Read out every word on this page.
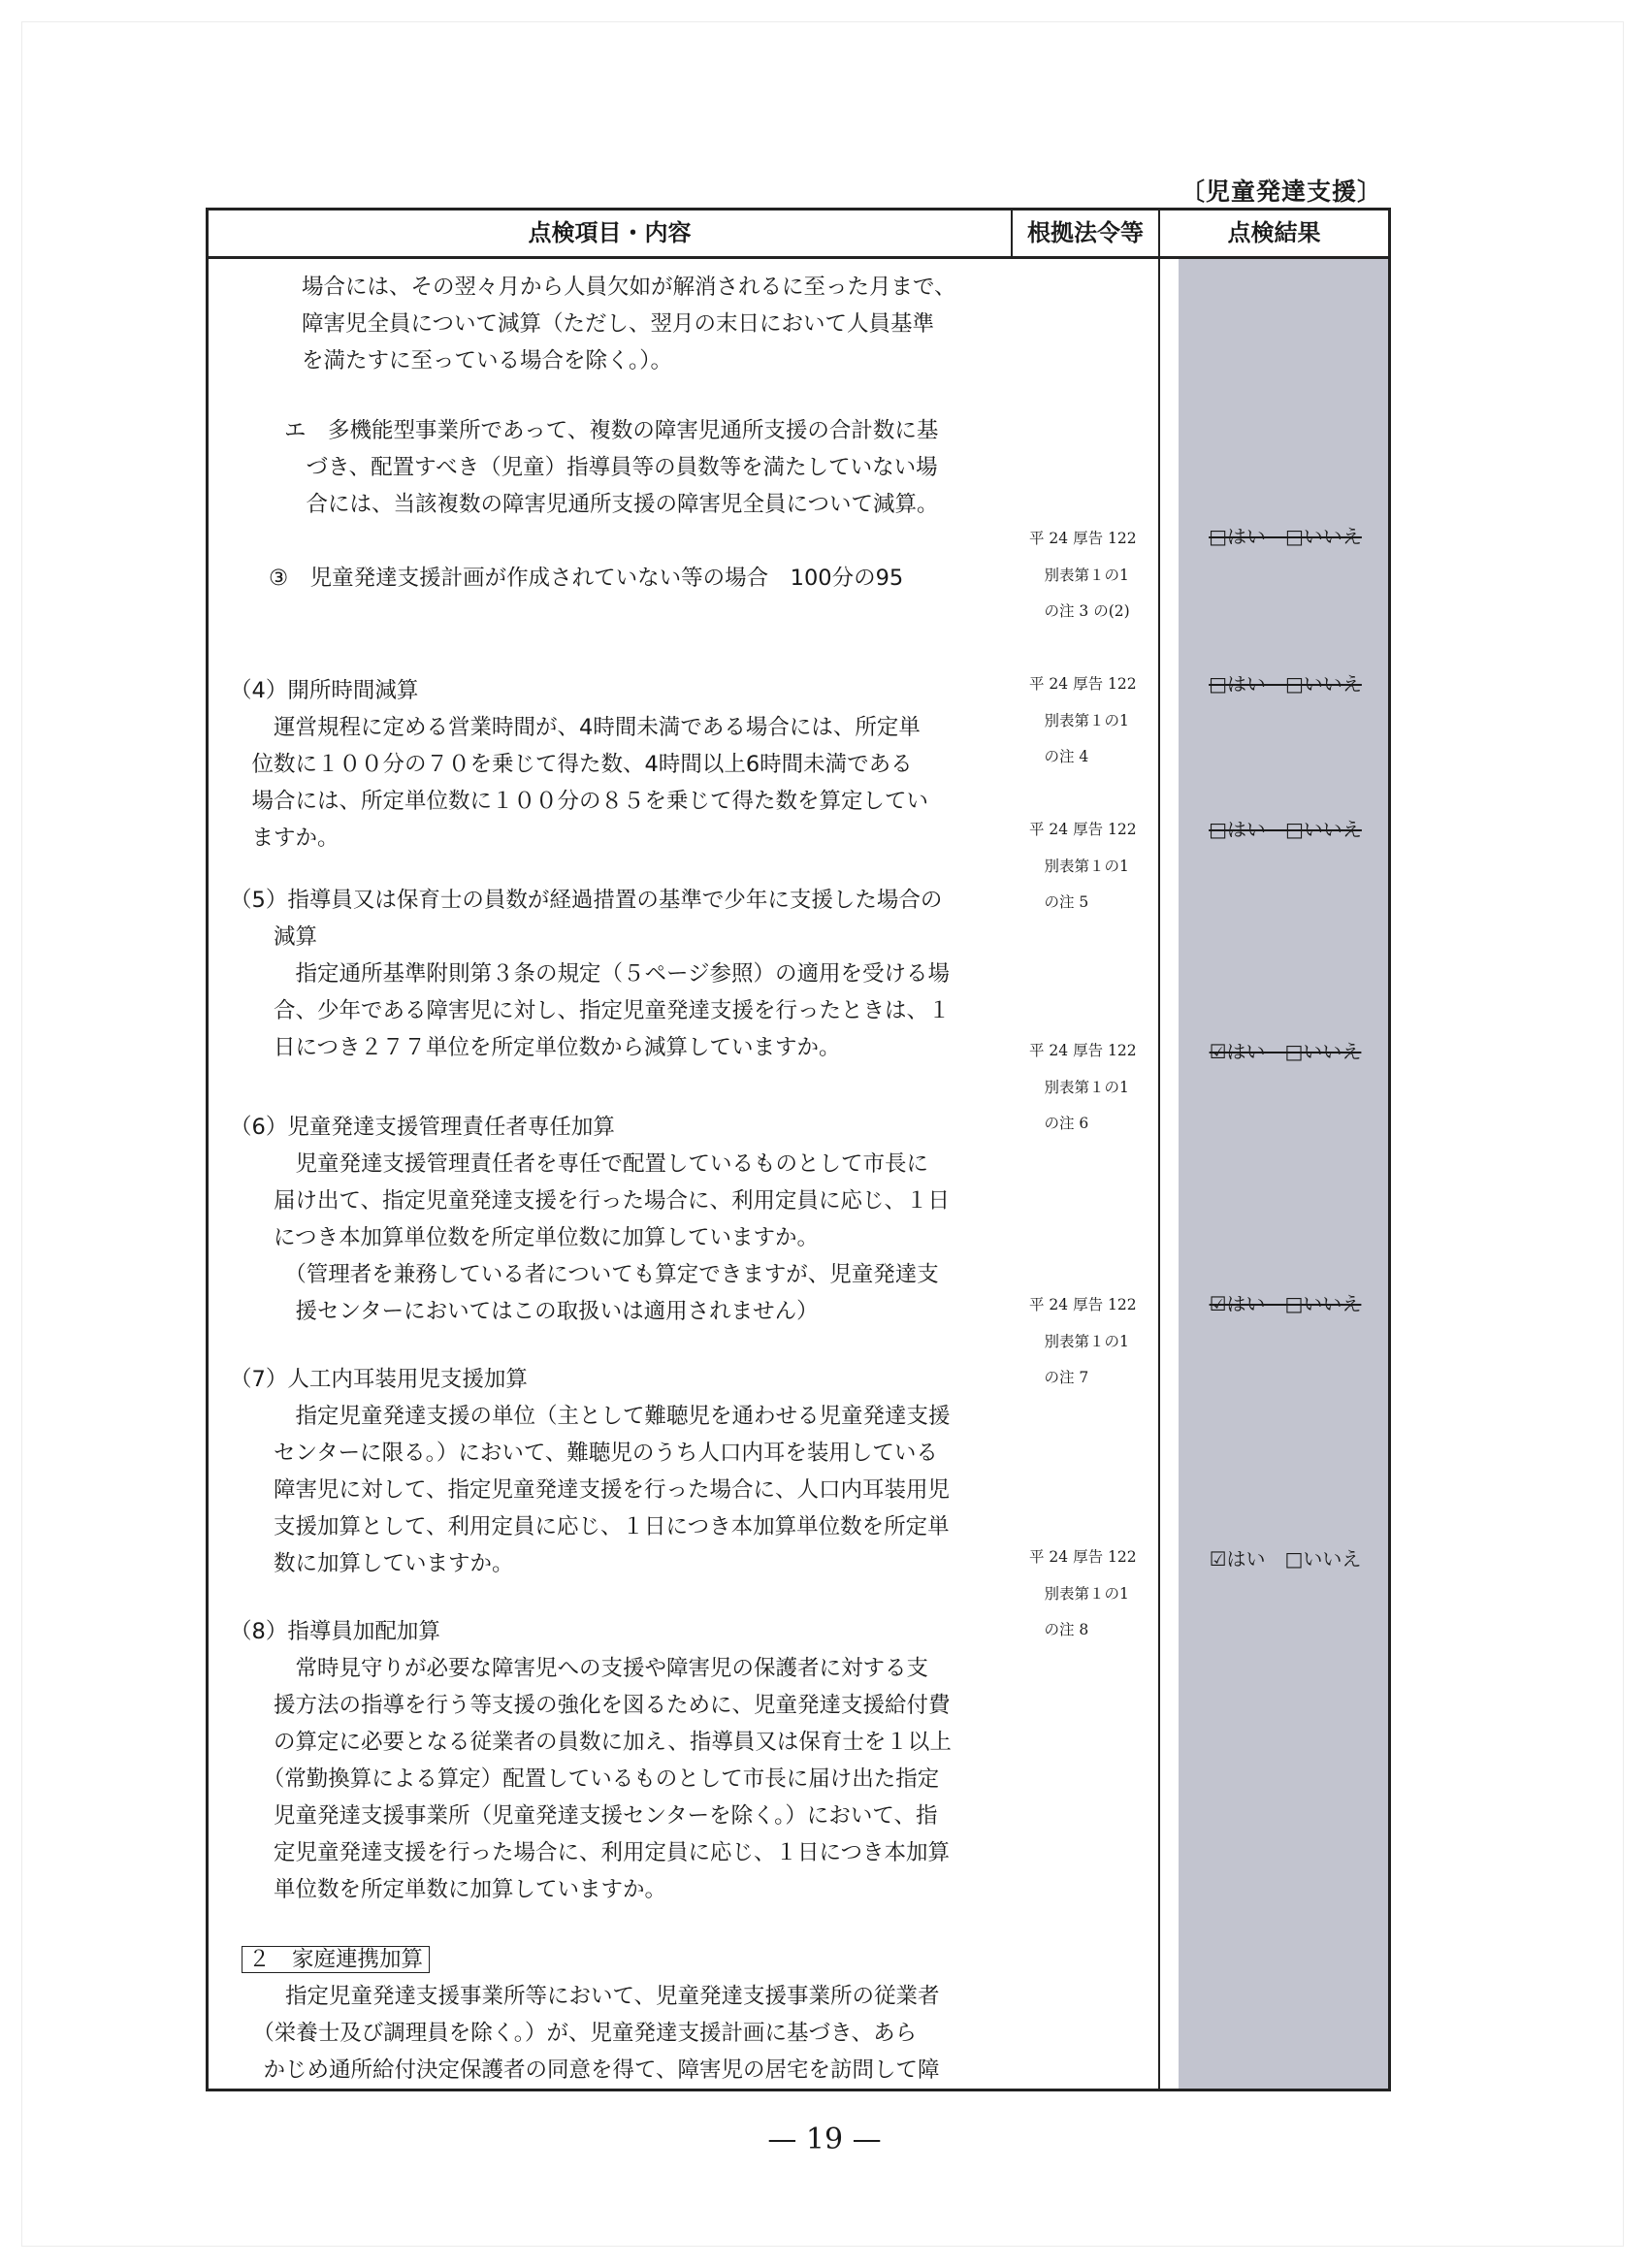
〔児童発達支援〕
点検項目・内容	根拠法令等	点検結果

場合には、その翌々月から人員欠如が解消されるに至った月まで、
障害児全員について減算（ただし、翌月の末日において人員基準
を満たすに至っている場合を除く。）。

エ　多機能型事業所であって、複数の障害児通所支援の合計数に基
　づき、配置すべき（児童）指導員等の員数等を満たしていない場
　合には、当該複数の障害児通所支援の障害児全員について減算。

③　児童発達支援計画が作成されていない等の場合　100分の95

（4）開所時間減算
　　運営規程に定める営業時間が、4時間未満である場合には、所定単
　位数に１００分の７０を乗じて得た数、4時間以上6時間未満である
　場合には、所定単位数に１００分の８５を乗じて得た数を算定してい
　ますか。

（5）指導員又は保育士の員数が経過措置の基準で少年に支援した場合の
　　減算
　　　指定通所基準附則第３条の規定（５ページ参照）の適用を受ける場
　　合、少年である障害児に対し、指定児童発達支援を行ったときは、１
　　日につき２７７単位を所定単位数から減算していますか。

（6）児童発達支援管理責任者専任加算
　　　児童発達支援管理責任者を専任で配置しているものとして市長に
　　届け出て、指定児童発達支援を行った場合に、利用定員に応じ、１日
　　につき本加算単位数を所定単位数に加算していますか。
　　　（管理者を兼務している者についても算定できますが、児童発達支
　　　援センターにおいてはこの取扱いは適用されません）

（7）人工内耳装用児支援加算
　　　指定児童発達支援の単位（主として難聴児を通わせる児童発達支援
　　センターに限る。）において、難聴児のうち人口内耳を装用している
　　障害児に対して、指定児童発達支援を行った場合に、人口内耳装用児
　　支援加算として、利用定員に応じ、１日につき本加算単位数を所定単
　　数に加算していますか。

（8）指導員加配加算
　　　常時見守りが必要な障害児への支援や障害児の保護者に対する支
　　援方法の指導を行う等支援の強化を図るために、児童発達支援給付費
　　の算定に必要となる従業者の員数に加え、指導員又は保育士を１以上
　　（常勤換算による算定）配置しているものとして市長に届け出た指定
　　児童発達支援事業所（児童発達支援センターを除く。）において、指
　　定児童発達支援を行った場合に、利用定員に応じ、１日につき本加算
　　単位数を所定単数に加算していますか。

２　家庭連携加算

　　指定児童発達支援事業所等において、児童発達支援事業所の従業者
　（栄養士及び調理員を除く。）が、児童発達支援計画に基づき、あら
　かじめ通所給付決定保護者の同意を得て、障害児の居宅を訪問して障

平 24 厚告 122
　別表第１の1
　の注 3 の(2)

平 24 厚告 122
　別表第１の1
　の注 4

平 24 厚告 122
　別表第１の1
　の注 5

平 24 厚告 122
　別表第１の1
　の注 6

平 24 厚告 122
　別表第１の1
　の注 7

平 24 厚告 122
　別表第１の1
　の注 8

□はい　□いいえ
□はい　□いいえ
□はい　□いいえ
☑はい　□いいえ
☑はい　□いいえ
☑はい　□いいえ
— 19 —
